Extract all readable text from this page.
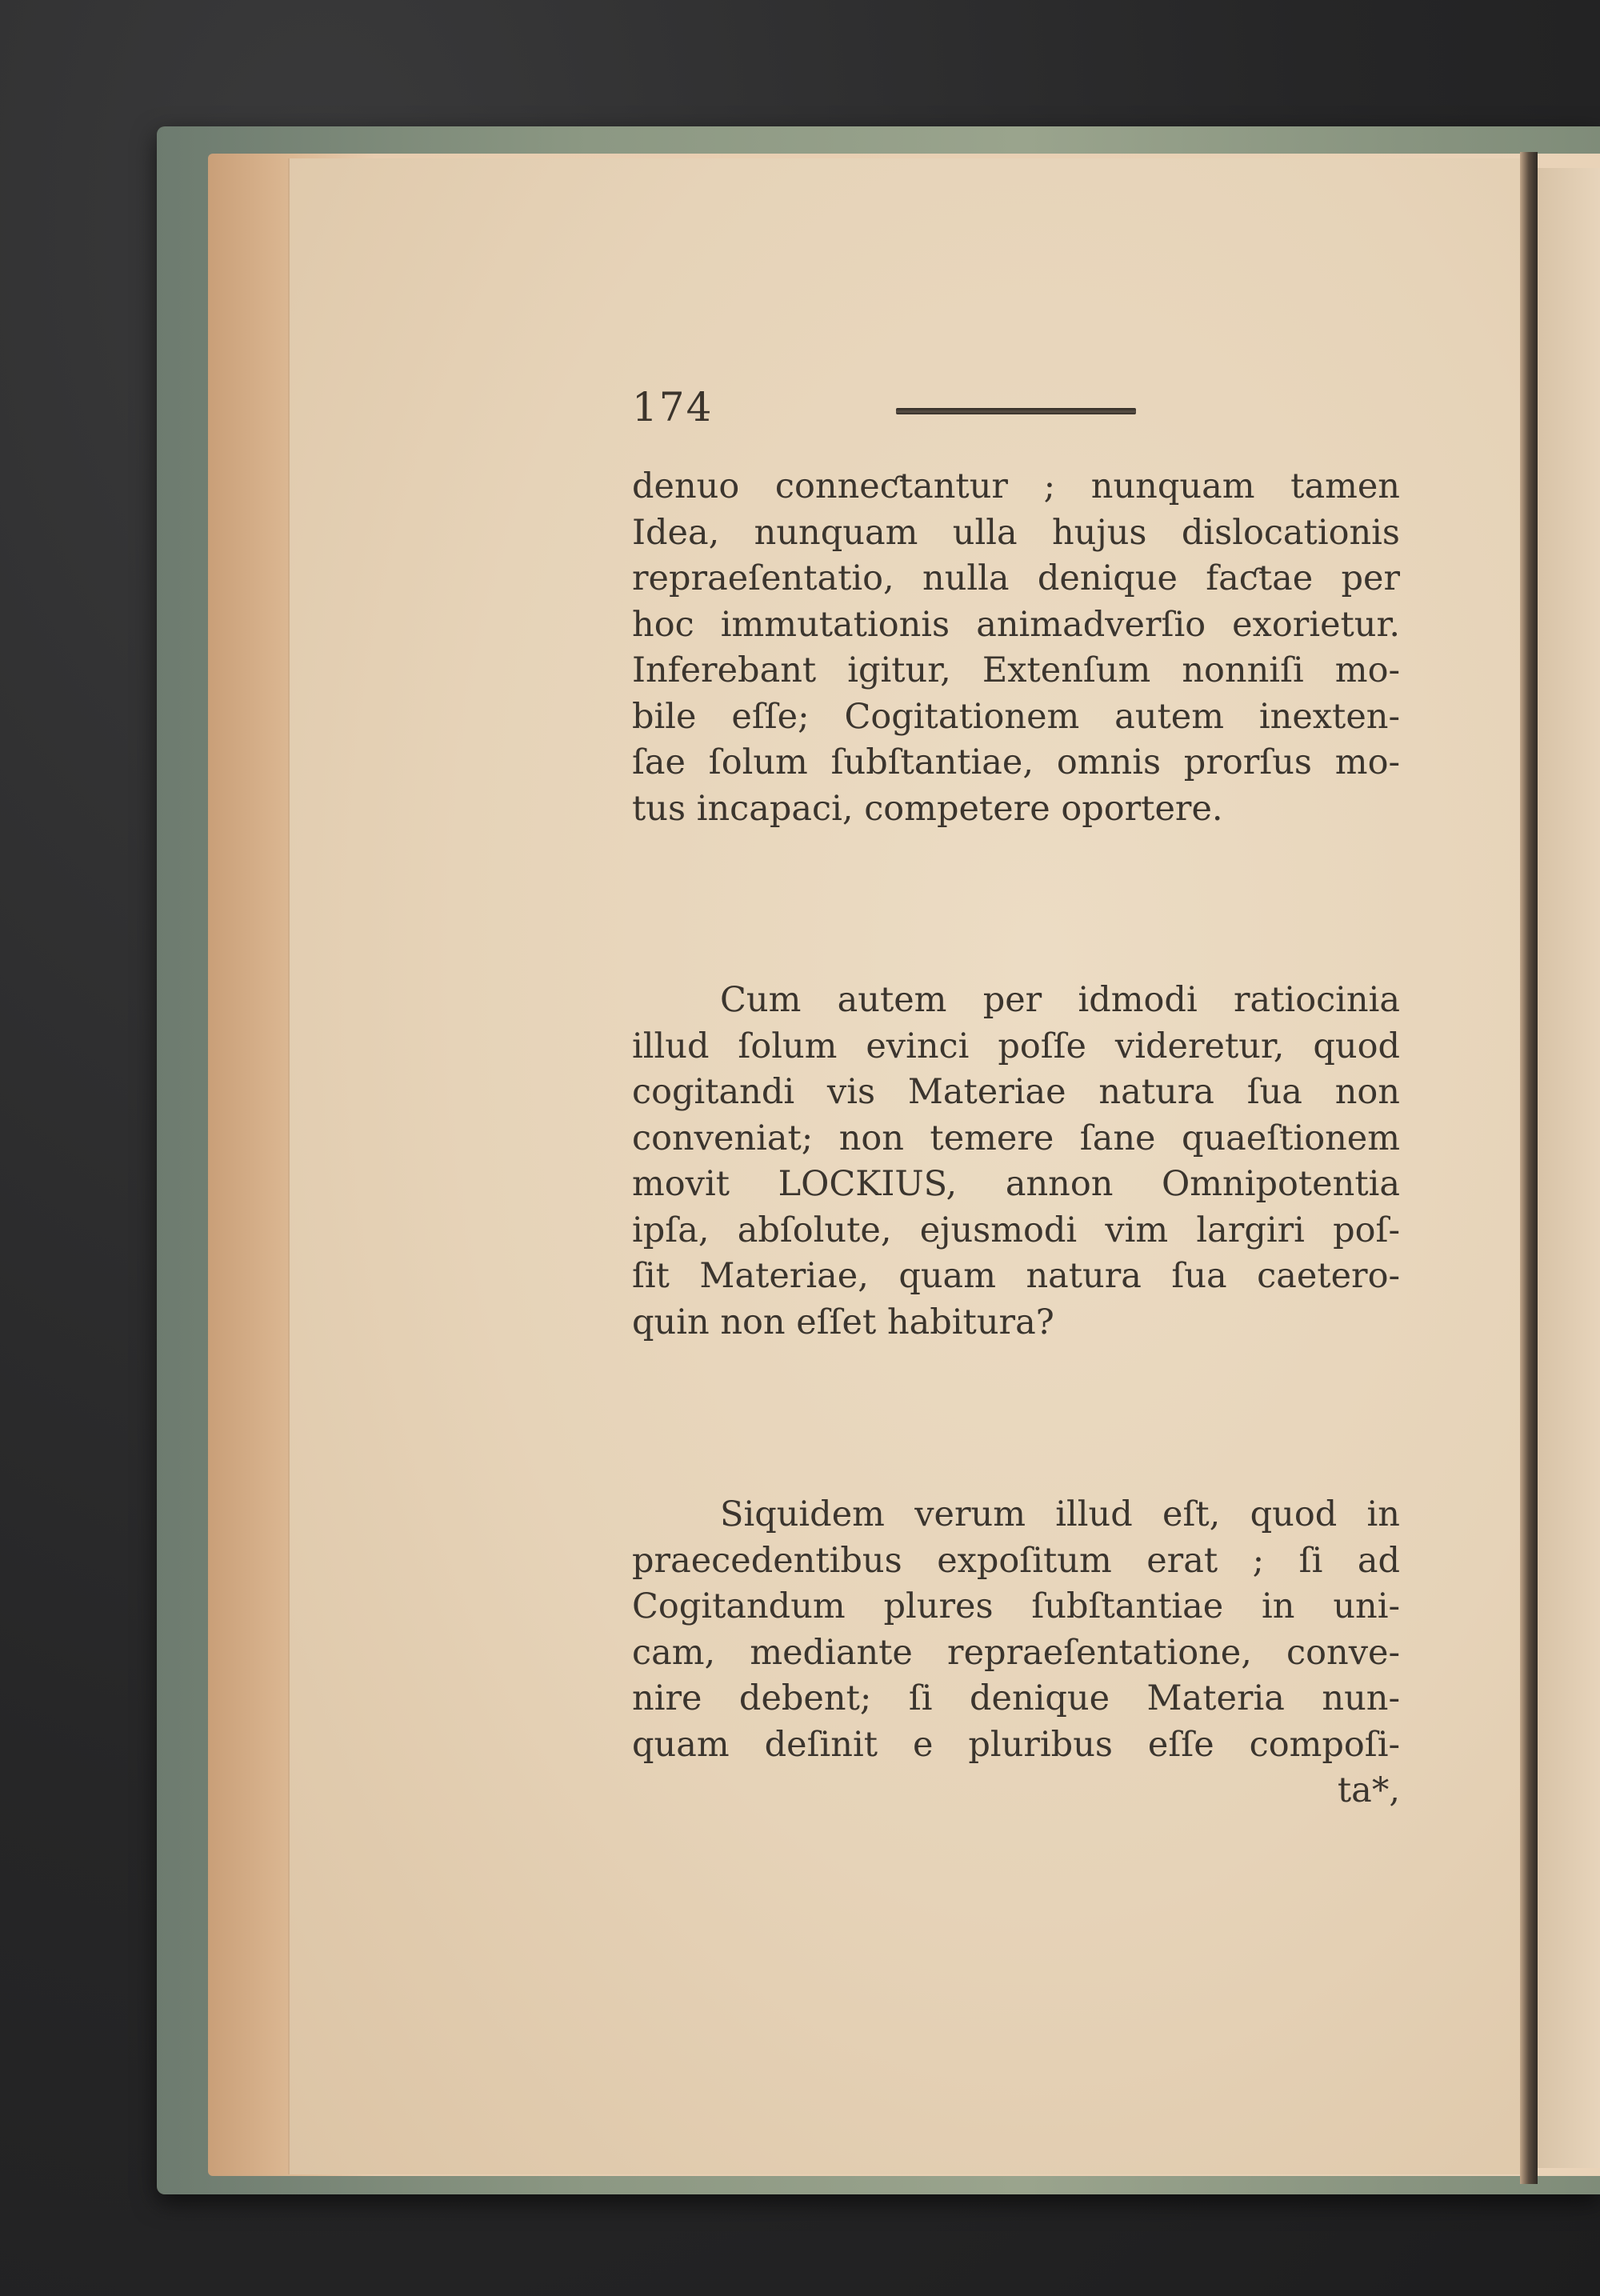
174
denuo conneƈtantur ; nunquam tamen
Idea, nunquam ulla hujus dislocationis
repraeſentatio, nulla denique faƈtae per
hoc immutationis animadverſio exorietur.
Inferebant igitur, Extenſum nonniſi mo-
bile eſſe; Cogitationem autem inexten-
ſae ſolum ſubſtantiae, omnis prorſus mo-
tus incapaci, competere oportere.
Cum autem per idmodi ratiocinia
illud ſolum evinci poſſe videretur, quod
cogitandi vis Materiae natura ſua non
conveniat; non temere ſane quaeſtionem
movit LOCKIUS, annon Omnipotentia
ipſa, abſolute, ejusmodi vim largiri poſ-
ſit Materiae, quam natura ſua caetero-
quin non eſſet habitura?
Siquidem verum illud eſt, quod in
praecedentibus expoſitum erat ; ſi ad
Cogitandum plures ſubſtantiae in uni-
cam, mediante repraeſentatione, conve-
nire debent; ſi denique Materia nun-
quam deſinit e pluribus eſſe compoſi-
ta*,
